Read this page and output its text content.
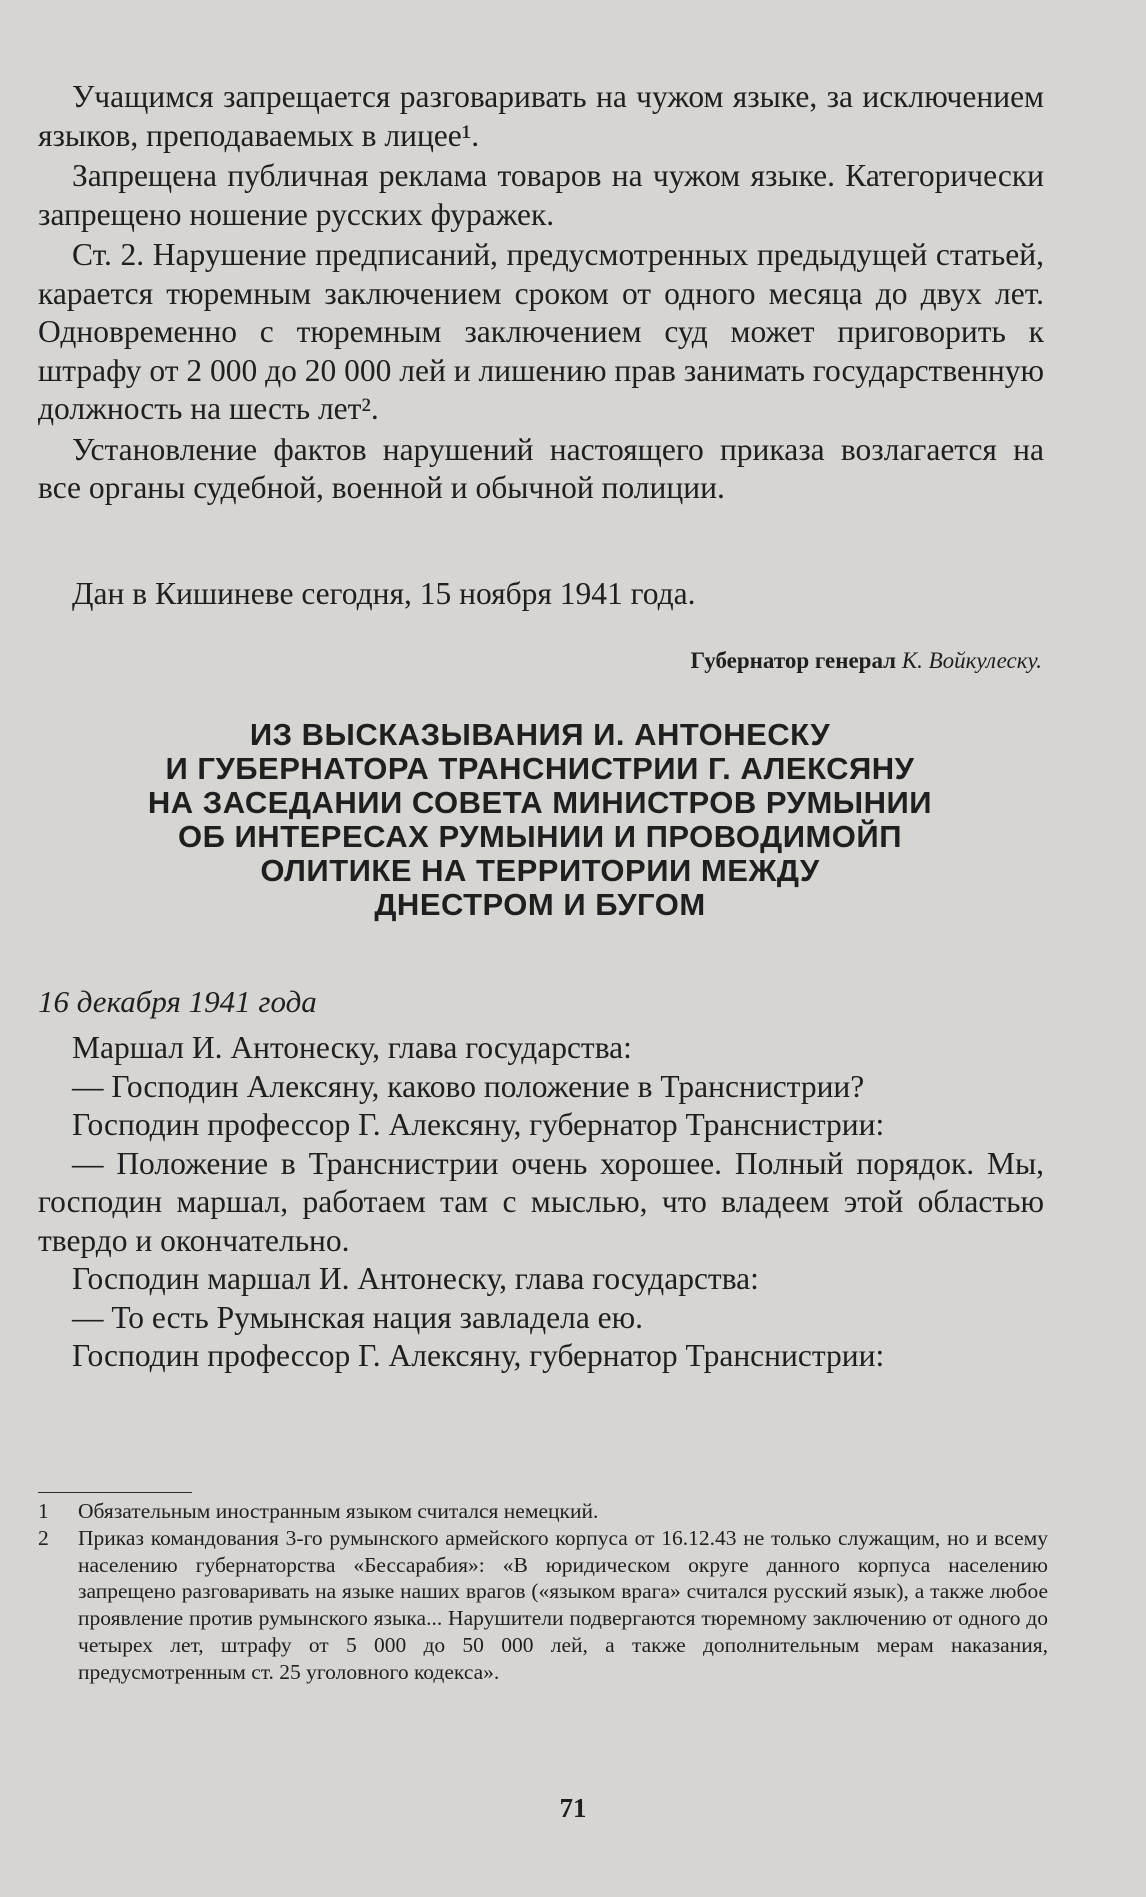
Учащимся запрещается разговаривать на чужом языке, за исключением языков, преподаваемых в лицее¹.

Запрещена публичная реклама товаров на чужом языке. Категорически запрещено ношение русских фуражек.

Ст. 2. Нарушение предписаний, предусмотренных предыдущей статьей, карается тюремным заключением сроком от одного месяца до двух лет. Одновременно с тюремным заключением суд может приговорить к штрафу от 2 000 до 20 000 лей и лишению прав занимать государственную должность на шесть лет².

Установление фактов нарушений настоящего приказа возлагается на все органы судебной, военной и обычной полиции.

Дан в Кишиневе сегодня, 15 ноября 1941 года.

Губернатор генерал К. Войкулеску.
ИЗ ВЫСКАЗЫВАНИЯ И. АНТОНЕСКУ
И ГУБЕРНАТОРА ТРАНСНИСТРИИ Г. АЛЕКСЯНУ
НА ЗАСЕДАНИИ СОВЕТА МИНИСТРОВ РУМЫНИИ
ОБ ИНТЕРЕСАХ РУМЫНИИ И ПРОВОДИМОЙП
ОЛИТИКЕ НА ТЕРРИТОРИИ МЕЖДУ
ДНЕСТРОМ И БУГОМ
16 декабря 1941 года

Маршал И. Антонеску, глава государства:

— Господин Алексяну, каково положение в Транснистрии?

Господин профессор Г. Алексяну, губернатор Транснистрии:

— Положение в Транснистрии очень хорошее. Полный порядок. Мы, господин маршал, работаем там с мыслью, что владеем этой областью твердо и окончательно.

Господин маршал И. Антонеску, глава государства:

— То есть Румынская нация завладела ею.

Господин профессор Г. Алексяну, губернатор Транснистрии:

1	Обязательным иностранным языком считался немецкий.
2	Приказ командования 3-го румынского армейского корпуса от 16.12.43 не только служащим, но и всему населению губернаторства «Бессарабия»: «В юридическом округе данного корпуса населению запрещено разговаривать на языке наших врагов («языком врага» считался русский язык), а также любое проявление против румынского языка... Нарушители подвергаются тюремному заключению от одного до четырех лет, штрафу от 5 000 до 50 000 лей, а также дополнительным мерам наказания, предусмотренным ст. 25 уголовного кодекса».
71
